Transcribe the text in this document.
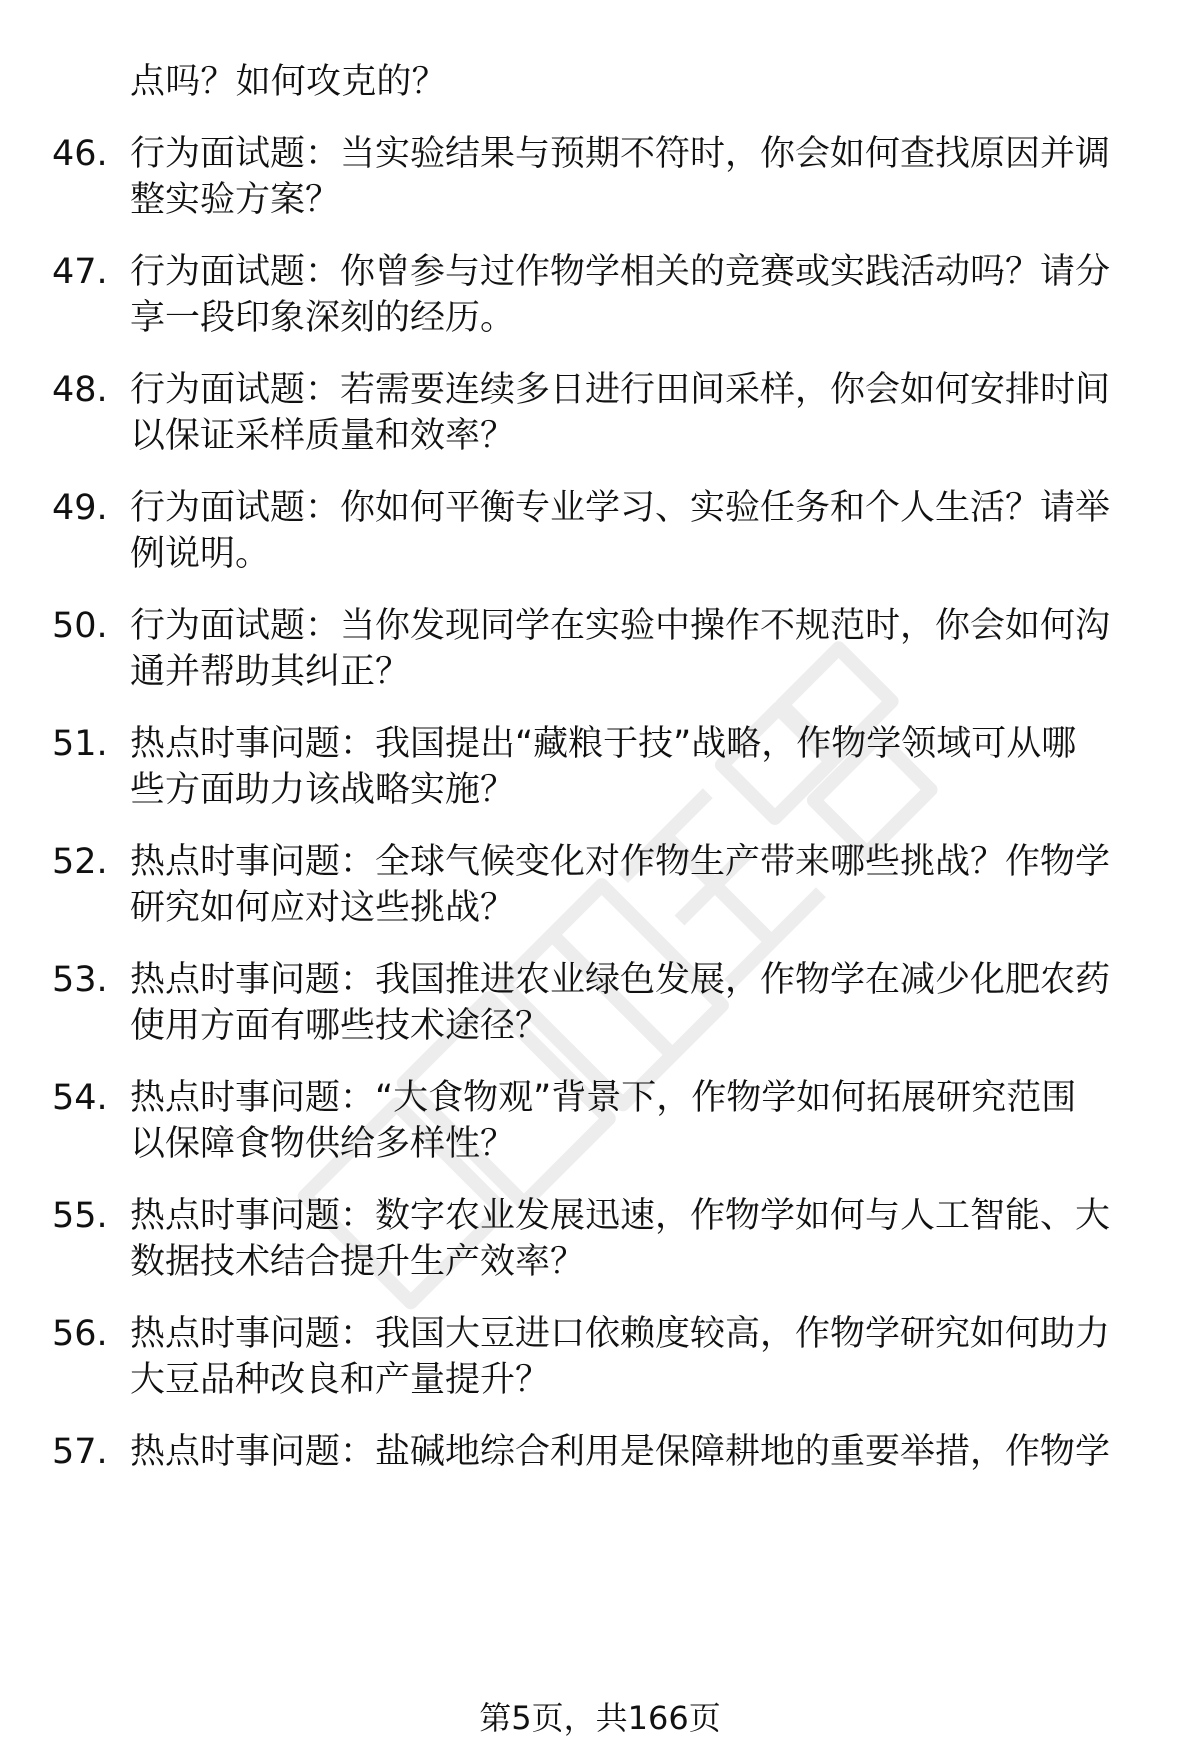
点吗？如何攻克的？
46. 行为面试题：当实验结果与预期不符时，你会如何查找原因并调
整实验方案？
47. 行为面试题：你曾参与过作物学相关的竞赛或实践活动吗？请分
享一段印象深刻的经历。
48. 行为面试题：若需要连续多日进行田间采样，你会如何安排时间
以保证采样质量和效率？
49. 行为面试题：你如何平衡专业学习、实验任务和个人生活？请举
例说明。
50. 行为面试题：当你发现同学在实验中操作不规范时，你会如何沟
通并帮助其纠正？
51. 热点时事问题：我国提出“藏粮于技”战略，作物学领域可从哪
些方面助力该战略实施？
52. 热点时事问题：全球气候变化对作物生产带来哪些挑战？作物学
研究如何应对这些挑战？
53. 热点时事问题：我国推进农业绿色发展，作物学在减少化肥农药
使用方面有哪些技术途径？
54. 热点时事问题：“大食物观”背景下，作物学如何拓展研究范围
以保障食物供给多样性？
55. 热点时事问题：数字农业发展迅速，作物学如何与人工智能、大
数据技术结合提升生产效率？
56. 热点时事问题：我国大豆进口依赖度较高，作物学研究如何助力
大豆品种改良和产量提升？
57. 热点时事问题：盐碱地综合利用是保障耕地的重要举措，作物学
第5页，共166页
